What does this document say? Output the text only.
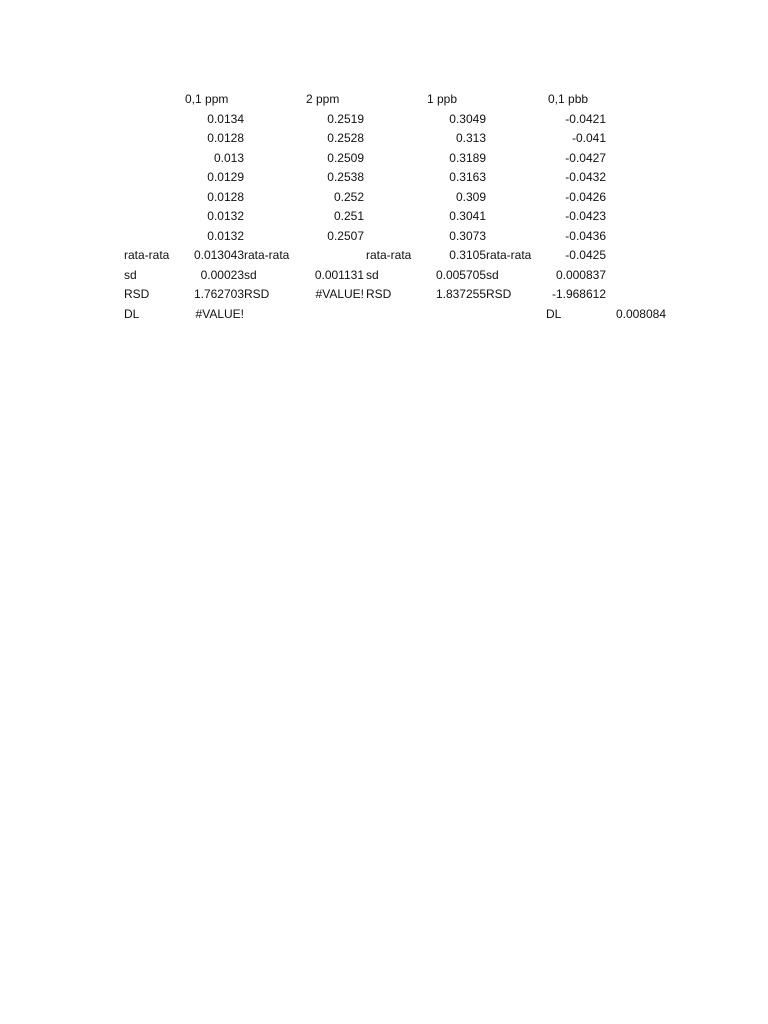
0,1 ppm	2 ppm	1 ppb	0,1 pbb
0.0134	0.2519	0.3049	-0.0421
0.0128	0.2528	0.313	-0.041
0.013	0.2509	0.3189	-0.0427
0.0129	0.2538	0.3163	-0.0432
0.0128	0.252	0.309	-0.0426
0.0132	0.251	0.3041	-0.0423
0.0132	0.2507	0.3073	-0.0436
rata-rata	0.013043 rata-rata	rata-rata	0.3105 rata-rata	-0.0425
sd	0.00023 sd	0.001131 sd	0.005705 sd	0.000837
RSD	1.762703 RSD	#VALUE! RSD	1.837255 RSD	-1.968612
DL	#VALUE!	DL	0.008084
